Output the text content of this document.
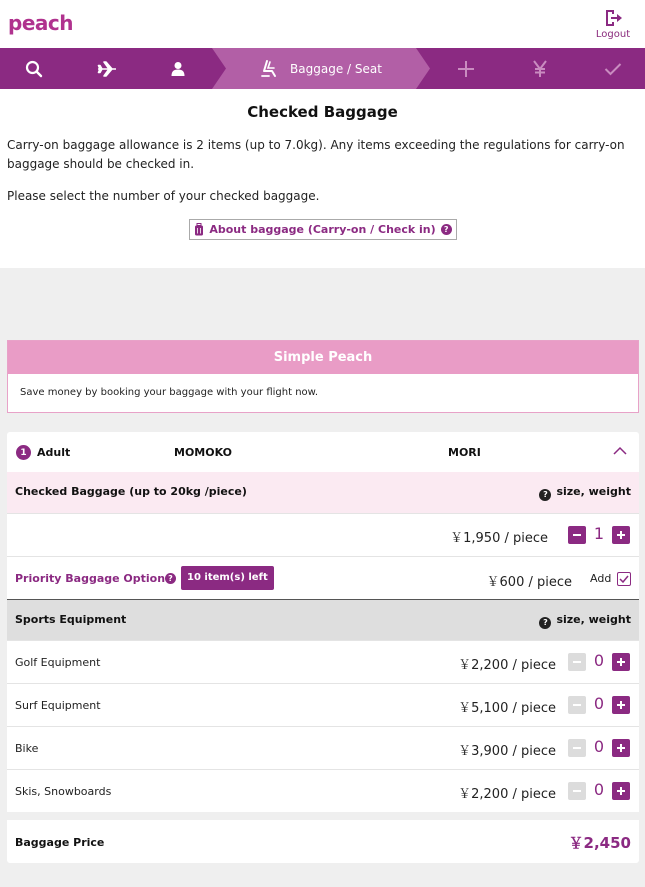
peach	Logout
Baggage / Seat
Checked Baggage
Carry-on baggage allowance is 2 items (up to 7.0kg). Any items exceeding the regulations for carry-on baggage should be checked in.
Please select the number of your checked baggage.
About baggage (Carry-on / Check in)	?
Simple Peach
Save money by booking your baggage with your flight now.
1 Adult	MOMOKO	MORI
Checked Baggage (up to 20kg /piece)	? size, weight
￥1,950 / piece	1
Priority Baggage Option ?	10 item(s) left	￥600 / piece Add
Sports Equipment	? size, weight
Golf Equipment	￥2,200 / piece	0
Surf Equipment	￥5,100 / piece	0
Bike	￥3,900 / piece	0
Skis, Snowboards	￥2,200 / piece	0
Baggage Price	￥2,450
